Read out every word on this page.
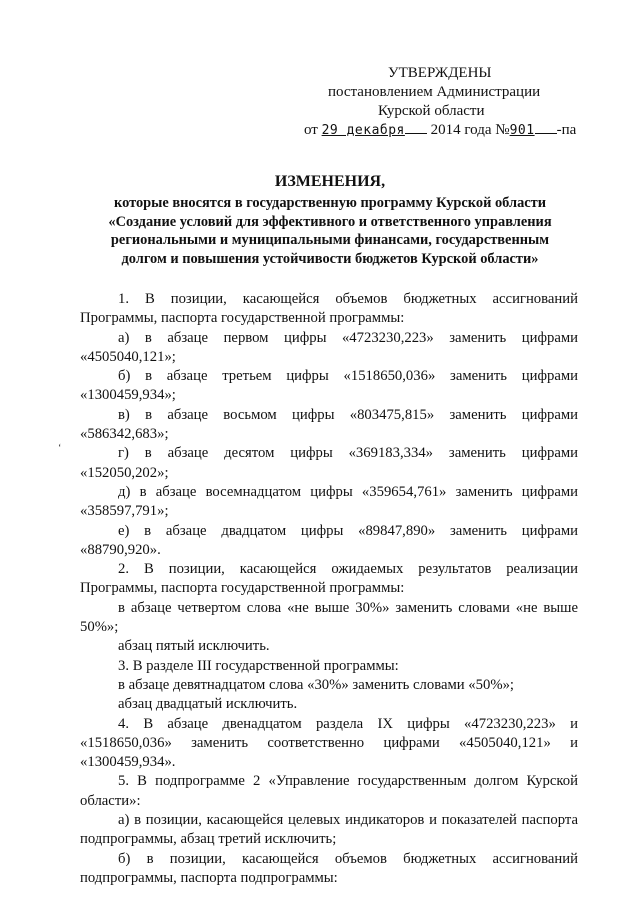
УТВЕРЖДЕНЫ
постановлением Администрации
Курской области
от 29 декабря 2014 года №901 -па
ИЗМЕНЕНИЯ,
которые вносятся в государственную программу Курской области
«Создание условий для эффективного и ответственного управления
региональными и муниципальными финансами, государственным
долгом и повышения устойчивости бюджетов Курской области»
‘

1. В позиции, касающейся объемов бюджетных ассигнований Программы, паспорта государственной программы:

а) в абзаце первом цифры «4723230,223» заменить цифрами «4505040,121»;

б) в абзаце третьем цифры «1518650,036» заменить цифрами «1300459,934»;

в) в абзаце восьмом цифры «803475,815» заменить цифрами «586342,683»;

г) в абзаце десятом цифры «369183,334» заменить цифрами «152050,202»;

д) в абзаце восемнадцатом цифры «359654,761» заменить цифрами «358597,791»;

е) в абзаце двадцатом цифры «89847,890» заменить цифрами «88790,920».

2. В позиции, касающейся ожидаемых результатов реализации Программы, паспорта государственной программы:

в абзаце четвертом слова «не выше 30%» заменить словами «не выше 50%»;

абзац пятый исключить.

3. В разделе III государственной программы:

в абзаце девятнадцатом слова «30%» заменить словами «50%»;

абзац двадцатый исключить.

4. В абзаце двенадцатом раздела IX цифры «4723230,223» и «1518650,036» заменить соответственно цифрами «4505040,121» и «1300459,934».

5. В подпрограмме 2 «Управление государственным долгом Курской области»:

а) в позиции, касающейся целевых индикаторов и показателей паспорта подпрограммы, абзац третий исключить;

б) в позиции, касающейся объемов бюджетных ассигнований подпрограммы, паспорта подпрограммы:
